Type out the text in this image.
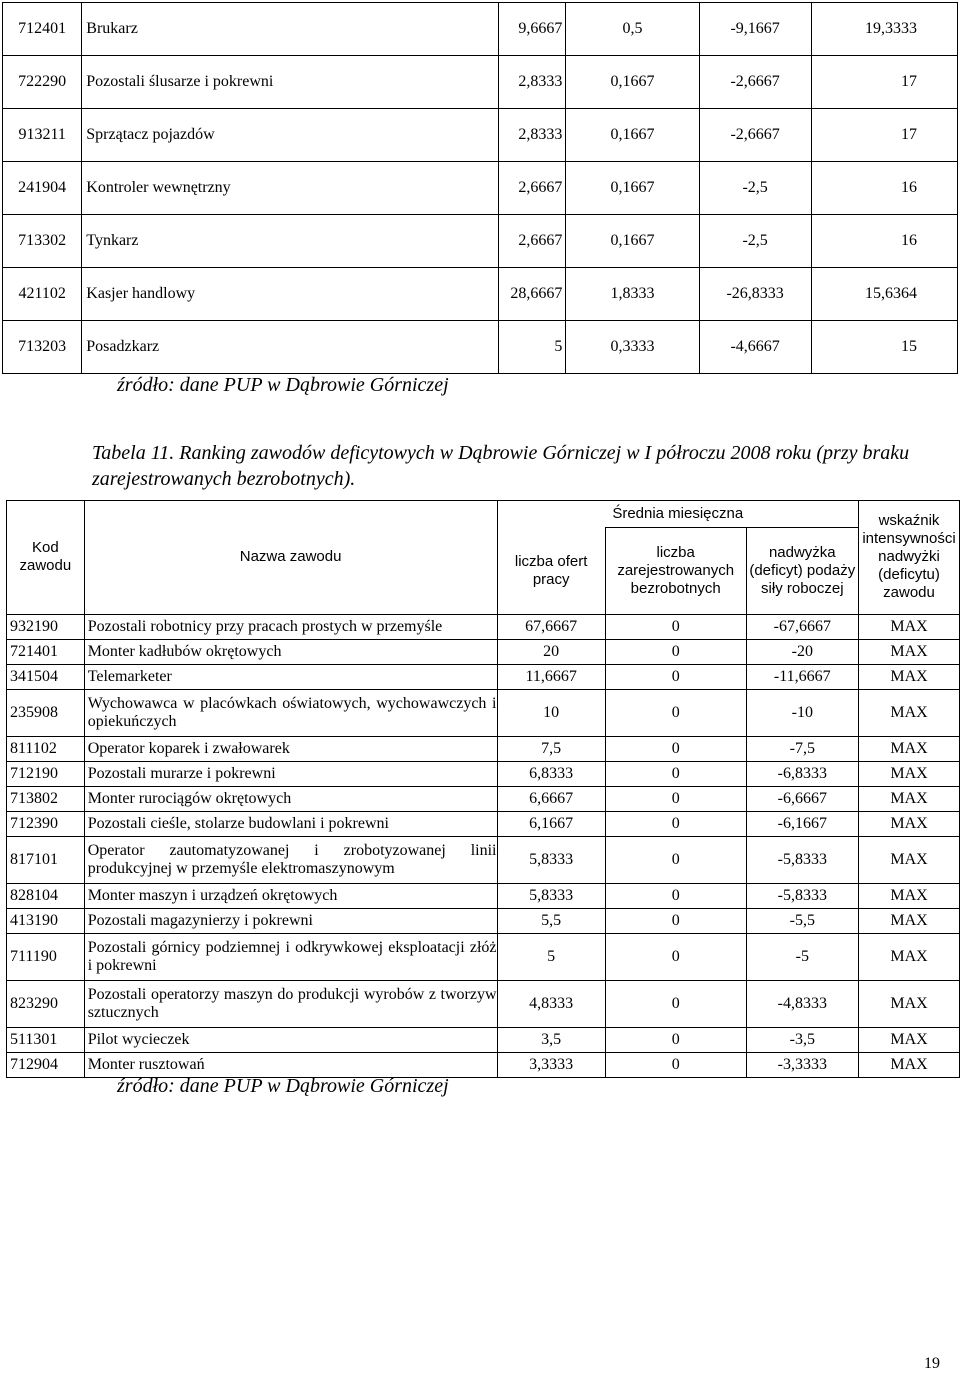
712401	Brukarz	9,6667	0,5	-9,1667	19,3333
722290	Pozostali ślusarze i pokrewni	2,8333	0,1667	-2,6667	17
913211	Sprzątacz pojazdów	2,8333	0,1667	-2,6667	17
241904	Kontroler wewnętrzny	2,6667	0,1667	-2,5	16
713302	Tynkarz	2,6667	0,1667	-2,5	16
421102	Kasjer handlowy	28,6667	1,8333	-26,8333	15,6364
713203	Posadzkarz	5	0,3333	-4,6667	15
źródło: dane PUP w Dąbrowie Górniczej
Tabela 11. Ranking zawodów deficytowych w Dąbrowie Górniczej w I półroczu 2008 roku (przy braku zarejestrowanych bezrobotnych).
Kod zawodu	Nazwa zawodu	Średnia miesięczna			wskaźnik intensywności nadwyżki (deficytu) zawodu
		liczba ofert pracy	liczba zarejestrowanych bezrobotnych	nadwyżka (deficyt) podaży siły roboczej	
932190	Pozostali robotnicy przy pracach prostych w przemyśle	67,6667	0	-67,6667	MAX
721401	Monter kadłubów okrętowych	20	0	-20	MAX
341504	Telemarketer	11,6667	0	-11,6667	MAX
235908	Wychowawca w placówkach oświatowych, wychowawczych i opiekuńczych	10	0	-10	MAX
811102	Operator koparek i zwałowarek	7,5	0	-7,5	MAX
712190	Pozostali murarze i pokrewni	6,8333	0	-6,8333	MAX
713802	Monter rurociągów okrętowych	6,6667	0	-6,6667	MAX
712390	Pozostali cieśle, stolarze budowlani i pokrewni	6,1667	0	-6,1667	MAX
817101	Operator zautomatyzowanej i zrobotyzowanej linii produkcyjnej w przemyśle elektromaszynowym	5,8333	0	-5,8333	MAX
828104	Monter maszyn i urządzeń okrętowych	5,8333	0	-5,8333	MAX
413190	Pozostali magazynierzy i pokrewni	5,5	0	-5,5	MAX
711190	Pozostali górnicy podziemnej i odkrywkowej eksploatacji złóż i pokrewni	5	0	-5	MAX
823290	Pozostali operatorzy maszyn do produkcji wyrobów z tworzyw sztucznych	4,8333	0	-4,8333	MAX
511301	Pilot wycieczek	3,5	0	-3,5	MAX
712904	Monter rusztowań	3,3333	0	-3,3333	MAX
źródło: dane PUP w Dąbrowie Górniczej
19
